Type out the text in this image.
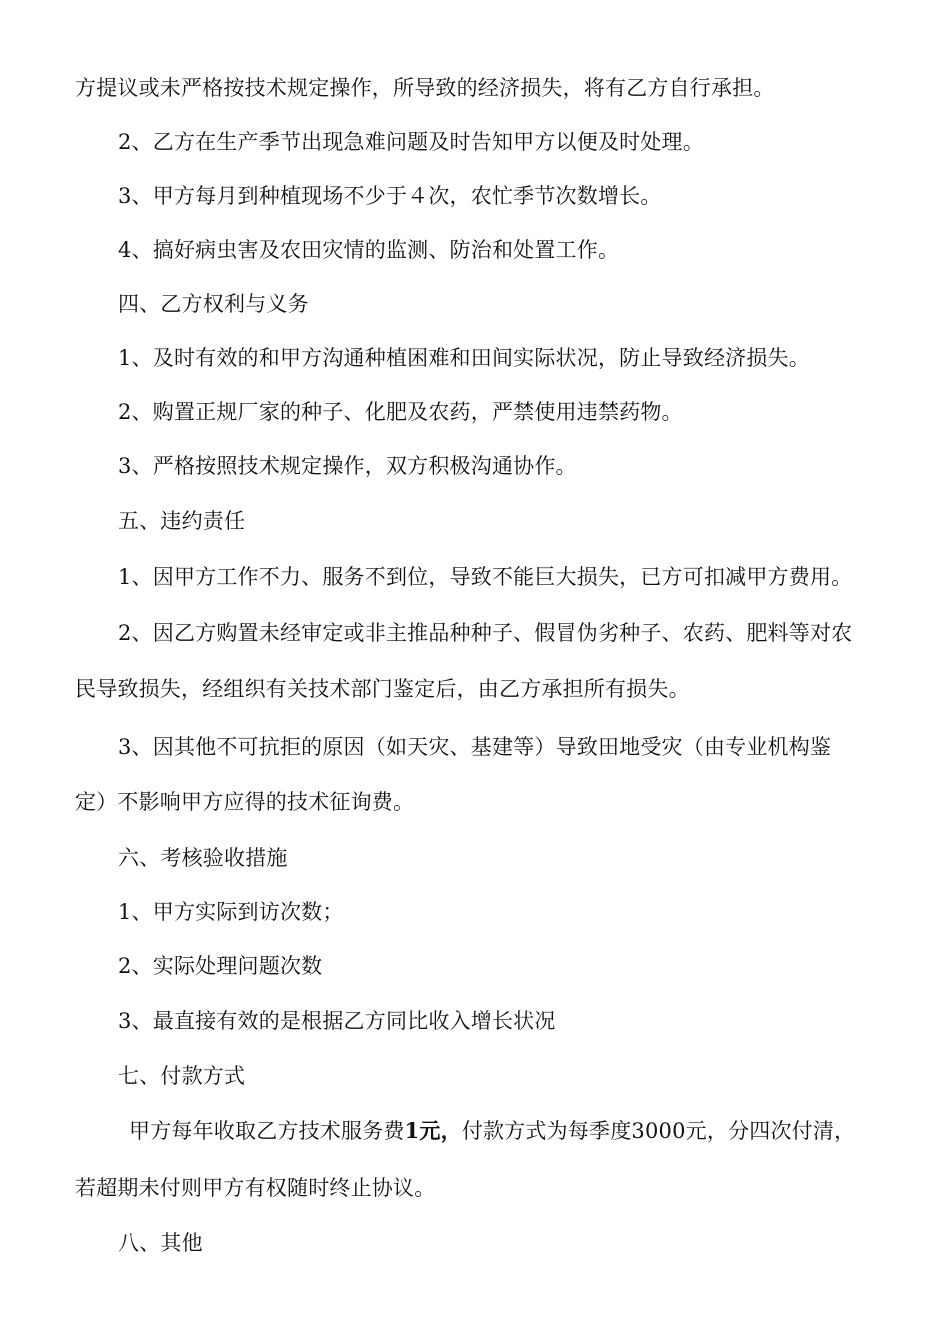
方提议或未严格按技术规定操作，所导致的经济损失，将有乙方自行承担。
2、乙方在生产季节出现急难问题及时告知甲方以便及时处理。
3、甲方每月到种植现场不少于４次，农忙季节次数增长。
4、搞好病虫害及农田灾情的监测、防治和处置工作。
四、乙方权利与义务
1、及时有效的和甲方沟通种植困难和田间实际状况，防止导致经济损失。
2、购置正规厂家的种子、化肥及农药，严禁使用违禁药物。
3、严格按照技术规定操作，双方积极沟通协作。
五、违约责任
1、因甲方工作不力、服务不到位，导致不能巨大损失，已方可扣减甲方费用。
2、因乙方购置未经审定或非主推品种种子、假冒伪劣种子、农药、肥料等对农
民导致损失，经组织有关技术部门鉴定后，由乙方承担所有损失。
3、因其他不可抗拒的原因（如天灾、基建等）导致田地受灾（由专业机构鉴
定）不影响甲方应得的技术征询费。
六、考核验收措施
1、甲方实际到访次数；
2、实际处理问题次数
3、最直接有效的是根据乙方同比收入增长状况
七、付款方式
甲方每年收取乙方技术服务费1元，付款方式为每季度3000元，分四次付清，
若超期未付则甲方有权随时终止协议。
八、其他
